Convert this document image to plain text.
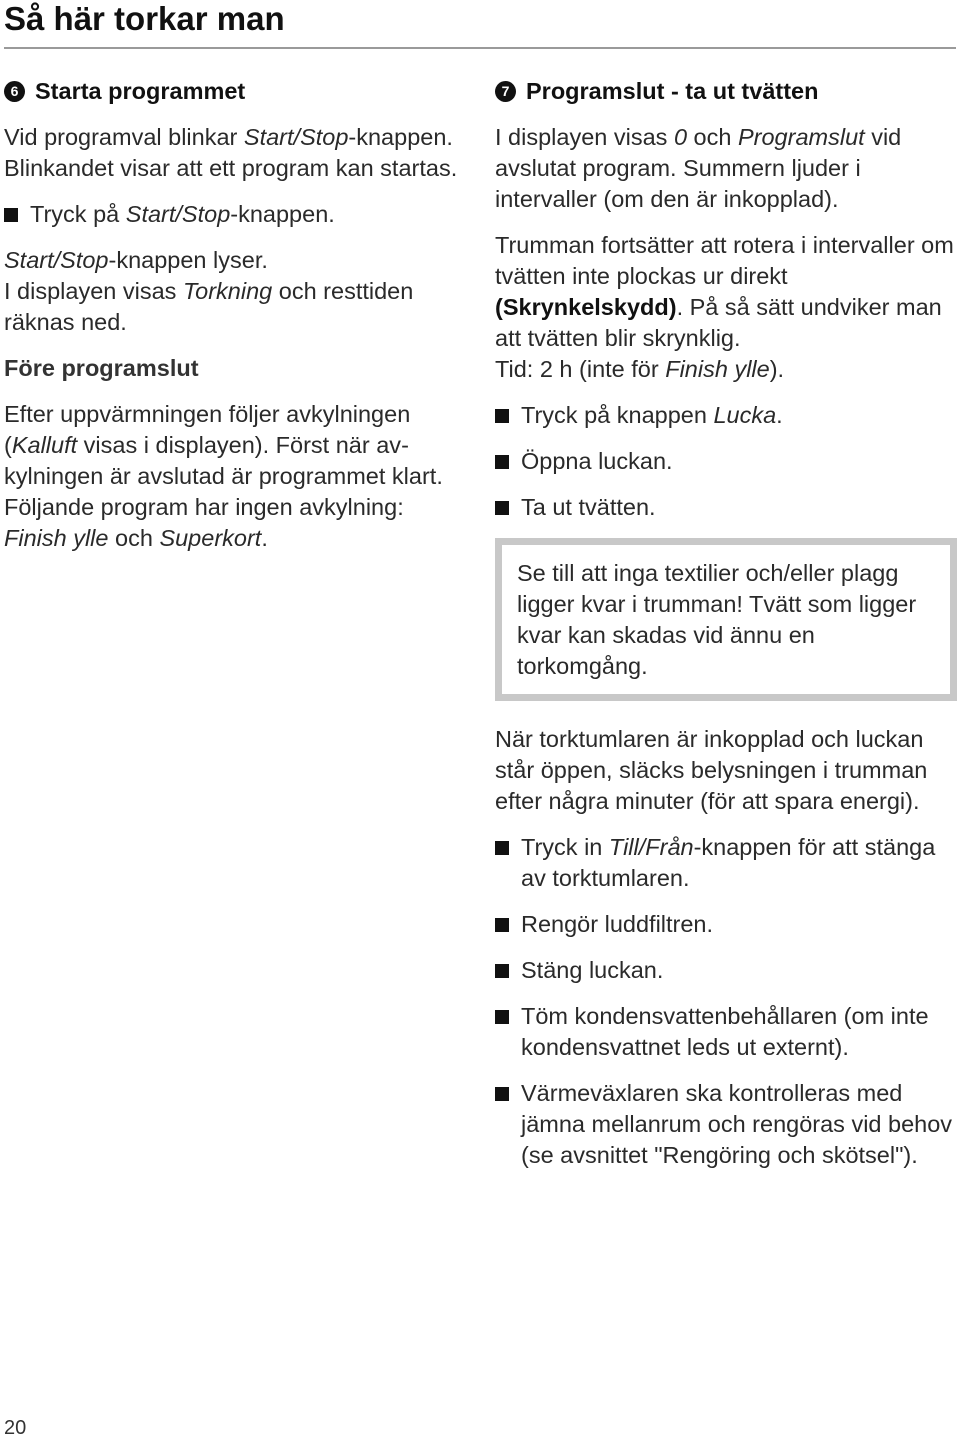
Så här torkar man
6 Starta programmet

Vid programval blinkar Start/Stop-knappen. Blinkandet visar att ett program kan startas.

Tryck på Start/Stop-knappen.

Start/Stop-knappen lyser.

I displayen visas Torkning och resttiden räknas ned.

Före programslut

Efter uppvärmningen följer avkylningen (Kalluft visas i displayen). Först när avkylningen är avslutad är programmet klart.

Följande program har ingen avkylning: Finish ylle och Superkort.

7 Programslut - ta ut tvätten

I displayen visas 0 och Programslut vid avslutat program. Summern ljuder i intervaller (om den är inkopplad).

Trumman fortsätter att rotera i intervaller om tvätten inte plockas ur direkt (Skrynkelskydd). På så sätt undviker man att tvätten blir skrynklig.

Tid: 2 h (inte för Finish ylle).

Tryck på knappen Lucka.
Öppna luckan.
Ta ut tvätten.
Se till att inga textilier och/eller plagg ligger kvar i trumman! Tvätt som ligger kvar kan skadas vid ännu en torkomgång.

När torktumlaren är inkopplad och luckan står öppen, släcks belysningen i trumman efter några minuter (för att spara energi).

Tryck in Till/Från-knappen för att stänga av torktumlaren.
Rengör luddfiltren.
Stäng luckan.
Töm kondensvattenbehållaren (om inte kondensvattnet leds ut externt).
Värmeväxlaren ska kontrolleras med jämna mellanrum och rengöras vid behov (se avsnittet "Rengöring och skötsel").
20
